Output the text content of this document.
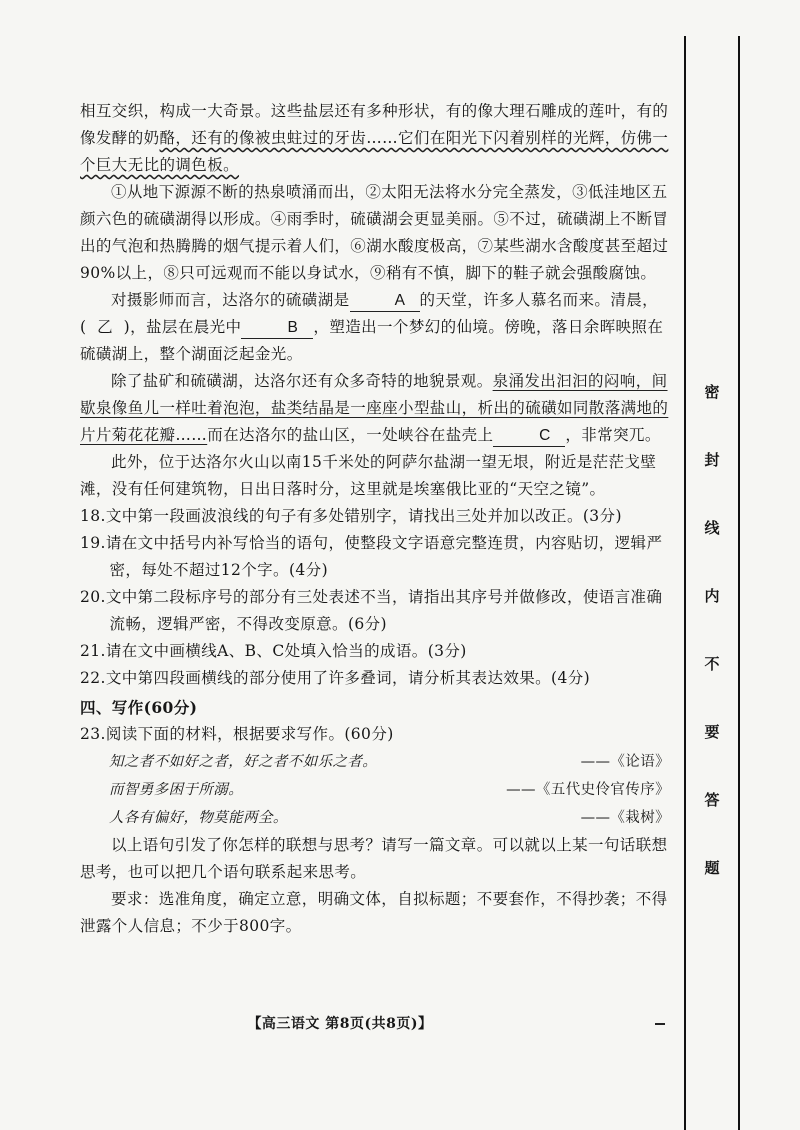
相互交织，构成一大奇景。这些盐层还有多种形状，有的像大理石雕成的莲叶，有的像发酵的奶酪，还有的像被虫蛀过的牙齿……它们在阳光下闪着别样的光辉，仿佛一个巨大无比的调色板。

①从地下源源不断的热泉喷涌而出，②太阳无法将水分完全蒸发，③低洼地区五颜六色的硫磺湖得以形成。④雨季时，硫磺湖会更显美丽。⑤不过，硫磺湖上不断冒出的气泡和热腾腾的烟气提示着人们，⑥湖水酸度极高，⑦某些湖水含酸度甚至超过90%以上，⑧只可远观而不能以身试水，⑨稍有不慎，脚下的鞋子就会强酸腐蚀。

对摄影师而言，达洛尔的硫磺湖是	A 的天堂，许多人慕名而来。清晨，( 乙 )，盐层在晨光中	B ，塑造出一个梦幻的仙境。傍晚，落日余晖映照在硫磺湖上，整个湖面泛起金光。

除了盐矿和硫磺湖，达洛尔还有众多奇特的地貌景观。泉涌发出汩汩的闷响，间歇泉像鱼儿一样吐着泡泡，盐类结晶是一座座小型盐山，析出的硫磺如同散落满地的片片菊花花瓣……而在达洛尔的盐山区，一处峡谷在盐壳上	C ，非常突兀。

此外，位于达洛尔火山以南15千米处的阿萨尔盐湖一望无垠，附近是茫茫戈壁滩，没有任何建筑物，日出日落时分，这里就是埃塞俄比亚的“天空之镜”。

18.文中第一段画波浪线的句子有多处错别字，请找出三处并加以改正。(3分)

19.请在文中括号内补写恰当的语句，使整段文字语意完整连贯，内容贴切，逻辑严密，每处不超过12个字。(4分)

20.文中第二段标序号的部分有三处表述不当，请指出其序号并做修改，使语言准确流畅，逻辑严密，不得改变原意。(6分)

21.请在文中画横线A、B、C处填入恰当的成语。(3分)

22.文中第四段画横线的部分使用了许多叠词，请分析其表达效果。(4分)

四、写作(60分)

23.阅读下面的材料，根据要求写作。(60分)

知之者不如好之者，好之者不如乐之者。	——《论语》
而智勇多困于所溺。	——《五代史伶官传序》
人各有偏好，物莫能两全。	——《栽树》

以上语句引发了你怎样的联想与思考？请写一篇文章。可以就以上某一句话联想思考，也可以把几个语句联系起来思考。

要求：选准角度，确定立意，明确文体，自拟标题；不要套作，不得抄袭；不得泄露个人信息；不少于800字。

【高三语文 第8页(共8页)】
密
封
线
内
不
要
答
题
